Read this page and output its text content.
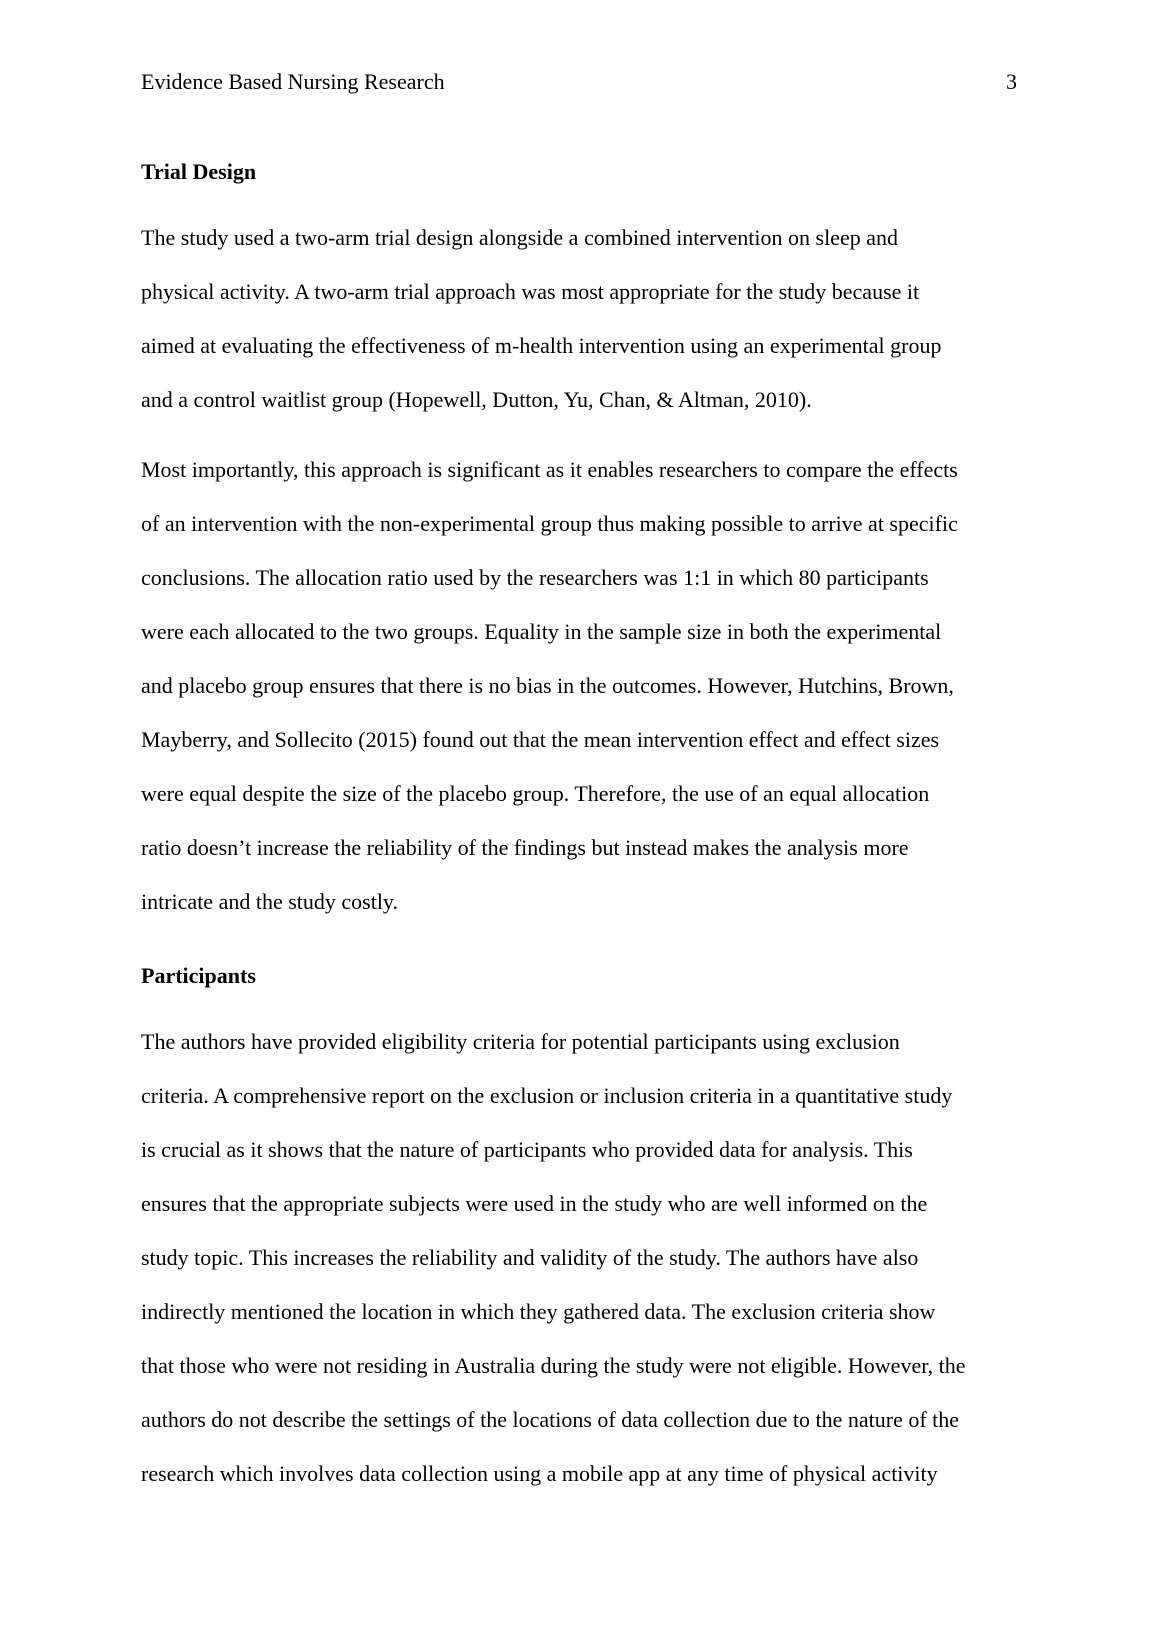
Evidence Based Nursing Research	3
Trial Design

The study used a two-arm trial design alongside a combined intervention on sleep and
physical activity. A two-arm trial approach was most appropriate for the study because it
aimed at evaluating the effectiveness of m-health intervention using an experimental group
and a control waitlist group (Hopewell, Dutton, Yu, Chan, & Altman, 2010).

Most importantly, this approach is significant as it enables researchers to compare the effects
of an intervention with the non-experimental group thus making possible to arrive at specific
conclusions. The allocation ratio used by the researchers was 1:1 in which 80 participants
were each allocated to the two groups. Equality in the sample size in both the experimental
and placebo group ensures that there is no bias in the outcomes. However, Hutchins, Brown,
Mayberry, and Sollecito (2015) found out that the mean intervention effect and effect sizes
were equal despite the size of the placebo group. Therefore, the use of an equal allocation
ratio doesn’t increase the reliability of the findings but instead makes the analysis more
intricate and the study costly.

Participants

The authors have provided eligibility criteria for potential participants using exclusion
criteria. A comprehensive report on the exclusion or inclusion criteria in a quantitative study
is crucial as it shows that the nature of participants who provided data for analysis. This
ensures that the appropriate subjects were used in the study who are well informed on the
study topic. This increases the reliability and validity of the study. The authors have also
indirectly mentioned the location in which they gathered data. The exclusion criteria show
that those who were not residing in Australia during the study were not eligible. However, the
authors do not describe the settings of the locations of data collection due to the nature of the
research which involves data collection using a mobile app at any time of physical activity
